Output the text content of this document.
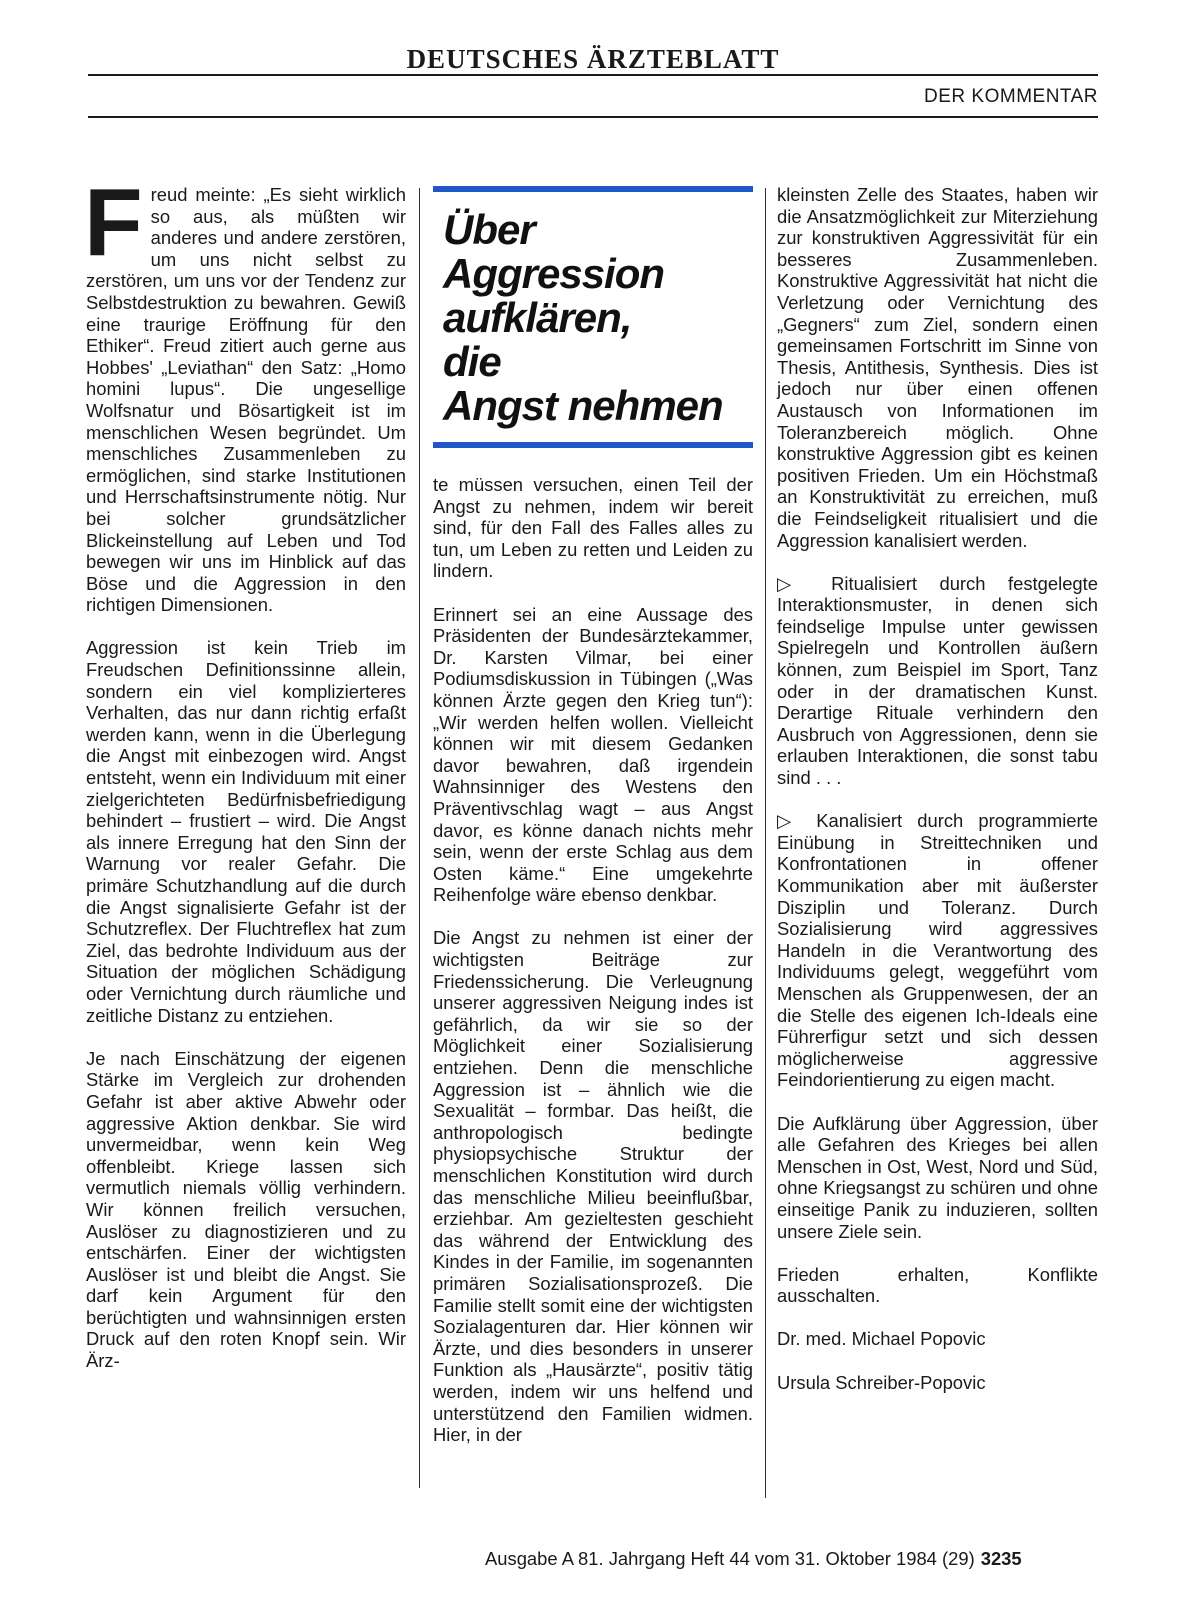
DEUTSCHES ÄRZTEBLATT
DER KOMMENTAR

Freud meinte: „Es sieht wirklich so aus, als müßten wir anderes und andere zerstören, um uns nicht selbst zu zerstören, um uns vor der Tendenz zur Selbstdestruktion zu bewahren. Gewiß eine traurige Eröffnung für den Ethiker“. Freud zitiert auch gerne aus Hobbes' „Leviathan“ den Satz: „Homo homini lupus“. Die ungesellige Wolfsnatur und Bösartigkeit ist im menschlichen Wesen begründet. Um menschliches Zusammenleben zu ermöglichen, sind starke Institutionen und Herrschaftsinstrumente nötig. Nur bei solcher grundsätzlicher Blickeinstellung auf Leben und Tod bewegen wir uns im Hinblick auf das Böse und die Aggression in den richtigen Dimensionen.

Aggression ist kein Trieb im Freudschen Definitionssinne allein, sondern ein viel komplizierteres Verhalten, das nur dann richtig erfaßt werden kann, wenn in die Überlegung die Angst mit einbezogen wird. Angst entsteht, wenn ein Individuum mit einer zielgerichteten Bedürfnisbefriedigung behindert – frustiert – wird. Die Angst als innere Erregung hat den Sinn der Warnung vor realer Gefahr. Die primäre Schutzhandlung auf die durch die Angst signalisierte Gefahr ist der Schutzreflex. Der Fluchtreflex hat zum Ziel, das bedrohte Individuum aus der Situation der möglichen Schädigung oder Vernichtung durch räumliche und zeitliche Distanz zu entziehen.

Je nach Einschätzung der eigenen Stärke im Vergleich zur drohenden Gefahr ist aber aktive Abwehr oder aggressive Aktion denkbar. Sie wird unvermeidbar, wenn kein Weg offenbleibt. Kriege lassen sich vermutlich niemals völlig verhindern. Wir können freilich versuchen, Auslöser zu diagnostizieren und zu entschärfen. Einer der wichtigsten Auslöser ist und bleibt die Angst. Sie darf kein Argument für den berüchtigten und wahnsinnigen ersten Druck auf den roten Knopf sein. Wir Ärz-

Über
Aggression
aufklären,
die
Angst nehmen

te müssen versuchen, einen Teil der Angst zu nehmen, indem wir bereit sind, für den Fall des Falles alles zu tun, um Leben zu retten und Leiden zu lindern.

Erinnert sei an eine Aussage des Präsidenten der Bundesärztekammer, Dr. Karsten Vilmar, bei einer Podiumsdiskussion in Tübingen („Was können Ärzte gegen den Krieg tun“): „Wir werden helfen wollen. Vielleicht können wir mit diesem Gedanken davor bewahren, daß irgendein Wahnsinniger des Westens den Präventivschlag wagt – aus Angst davor, es könne danach nichts mehr sein, wenn der erste Schlag aus dem Osten käme.“ Eine umgekehrte Reihenfolge wäre ebenso denkbar.

Die Angst zu nehmen ist einer der wichtigsten Beiträge zur Friedenssicherung. Die Verleugnung unserer aggressiven Neigung indes ist gefährlich, da wir sie so der Möglichkeit einer Sozialisierung entziehen. Denn die menschliche Aggression ist – ähnlich wie die Sexualität – formbar. Das heißt, die anthropologisch bedingte physiopsychische Struktur der menschlichen Konstitution wird durch das menschliche Milieu beeinflußbar, erziehbar. Am gezieltesten geschieht das während der Entwicklung des Kindes in der Familie, im sogenannten primären Sozialisationsprozeß. Die Familie stellt somit eine der wichtigsten Sozialagenturen dar. Hier können wir Ärzte, und dies besonders in unserer Funktion als „Hausärzte“, positiv tätig werden, indem wir uns helfend und unterstützend den Familien widmen. Hier, in der

kleinsten Zelle des Staates, haben wir die Ansatzmöglichkeit zur Miterziehung zur konstruktiven Aggressivität für ein besseres Zusammenleben. Konstruktive Aggressivität hat nicht die Verletzung oder Vernichtung des „Gegners“ zum Ziel, sondern einen gemeinsamen Fortschritt im Sinne von Thesis, Antithesis, Synthesis. Dies ist jedoch nur über einen offenen Austausch von Informationen im Toleranzbereich möglich. Ohne konstruktive Aggression gibt es keinen positiven Frieden. Um ein Höchstmaß an Konstruktivität zu erreichen, muß die Feindseligkeit ritualisiert und die Aggression kanalisiert werden.

▷ Ritualisiert durch festgelegte Interaktionsmuster, in denen sich feindselige Impulse unter gewissen Spielregeln und Kontrollen äußern können, zum Beispiel im Sport, Tanz oder in der dramatischen Kunst. Derartige Rituale verhindern den Ausbruch von Aggressionen, denn sie erlauben Interaktionen, die sonst tabu sind . . .

▷ Kanalisiert durch programmierte Einübung in Streittechniken und Konfrontationen in offener Kommunikation aber mit äußerster Disziplin und Toleranz. Durch Sozialisierung wird aggressives Handeln in die Verantwortung des Individuums gelegt, weggeführt vom Menschen als Gruppenwesen, der an die Stelle des eigenen Ich-Ideals eine Führerfigur setzt und sich dessen möglicherweise aggressive Feindorientierung zu eigen macht.

Die Aufklärung über Aggression, über alle Gefahren des Krieges bei allen Menschen in Ost, West, Nord und Süd, ohne Kriegsangst zu schüren und ohne einseitige Panik zu induzieren, sollten unsere Ziele sein.

Frieden erhalten, Konflikte ausschalten.

Dr. med. Michael Popovic

Ursula Schreiber-Popovic

Ausgabe A 81. Jahrgang Heft 44 vom 31. Oktober 1984 (29) 3235
